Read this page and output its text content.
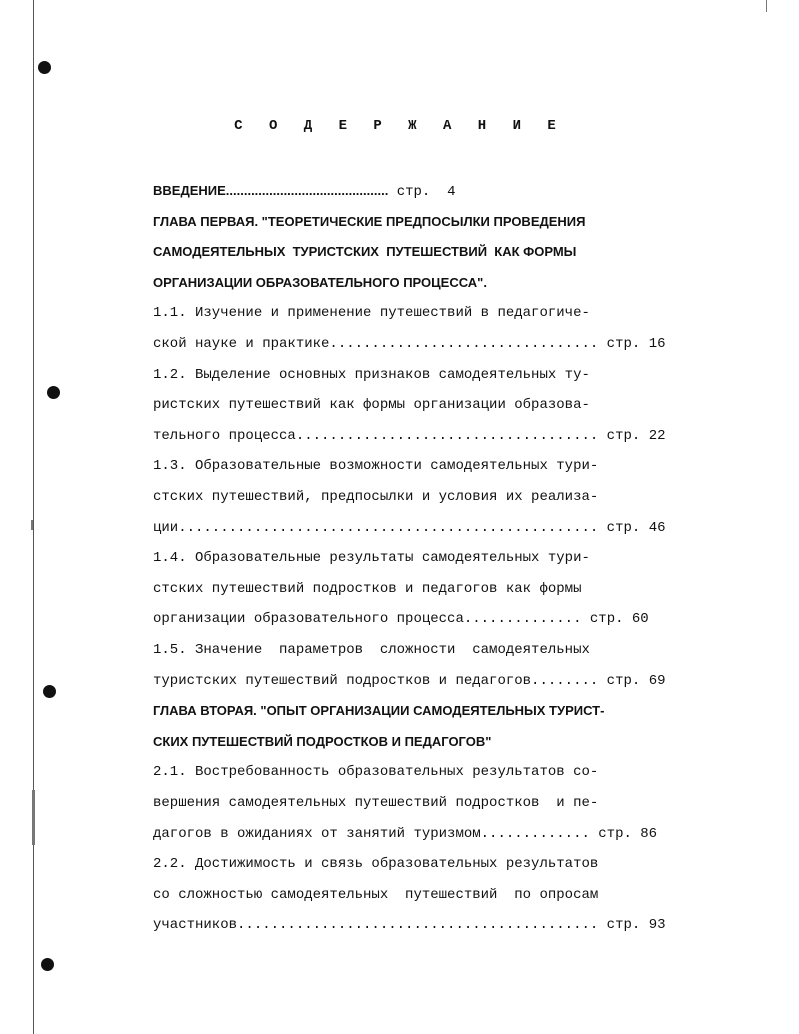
С О Д Е Р Ж А Н И Е
ВВЕДЕНИЕ............................................. стр.  4
ГЛАВА ПЕРВАЯ. "ТЕОРЕТИЧЕСКИЕ ПРЕДПОСЫЛКИ ПРОВЕДЕНИЯ
САМОДЕЯТЕЛЬНЫХ  ТУРИСТСКИХ  ПУТЕШЕСТВИЙ  КАК ФОРМЫ
ОРГАНИЗАЦИИ ОБРАЗОВАТЕЛЬНОГО ПРОЦЕССА".
1.1. Изучение и применение путешествий в педагогиче-
ской науке и практике................................ стр. 16
1.2. Выделение основных признаков самодеятельных ту-
ристских путешествий как формы организации образова-
тельного процесса.................................... стр. 22
1.3. Образовательные возможности самодеятельных тури-
стских путешествий, предпосылки и условия их реализа-
ции.................................................. стр. 46
1.4. Образовательные результаты самодеятельных тури-
стских путешествий подростков и педагогов как формы
организации образовательного процесса.............. стр. 60
1.5. Значение  параметров  сложности  самодеятельных
туристских путешествий подростков и педагогов........ стр. 69
ГЛАВА ВТОРАЯ. "ОПЫТ ОРГАНИЗАЦИИ САМОДЕЯТЕЛЬНЫХ ТУРИСТ-
СКИХ ПУТЕШЕСТВИЙ ПОДРОСТКОВ И ПЕДАГОГОВ"
2.1. Востребованность образовательных результатов со-
вершения самодеятельных путешествий подростков  и пе-
дагогов в ожиданиях от занятий туризмом............. стр. 86
2.2. Достижимость и связь образовательных результатов
со сложностью самодеятельных  путешествий  по опросам
участников........................................... стр. 93
